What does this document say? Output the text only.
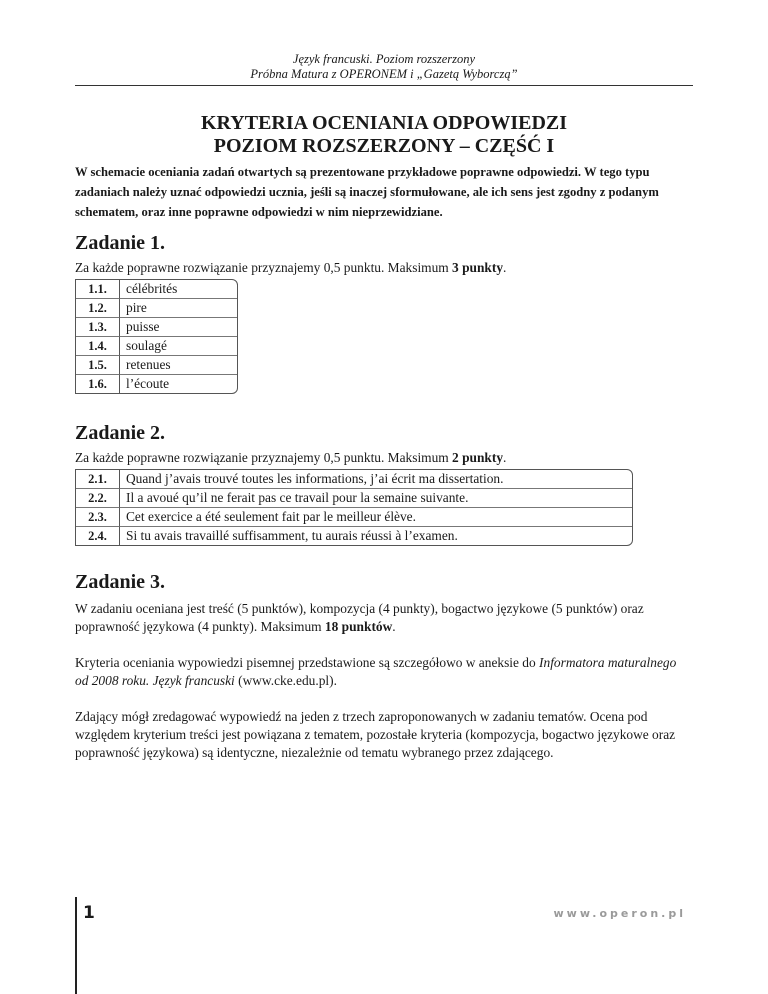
Język francuski. Poziom rozszerzony
Próbna Matura z OPERONEM i „Gazetą Wyborczą”
KRYTERIA OCENIANIA ODPOWIEDZI
POZIOM ROZSZERZONY – CZĘŚĆ I
W schemacie oceniania zadań otwartych są prezentowane przykładowe poprawne odpowiedzi. W tego typu zadaniach należy uznać odpowiedzi ucznia, jeśli są inaczej sformułowane, ale ich sens jest zgodny z podanym schematem, oraz inne poprawne odpowiedzi w nim nieprzewidziane.
Zadanie 1.

Za każde poprawne rozwiązanie przyznajemy 0,5 punktu. Maksimum 3 punkty.

1.1.	célébrités
1.2.	pire
1.3.	puisse
1.4.	soulagé
1.5.	retenues
1.6.	l’écoute
Zadanie 2.

Za każde poprawne rozwiązanie przyznajemy 0,5 punktu. Maksimum 2 punkty.

2.1.	Quand j’avais trouvé toutes les informations, j’ai écrit ma dissertation.
2.2.	Il a avoué qu’il ne ferait pas ce travail pour la semaine suivante.
2.3.	Cet exercice a été seulement fait par le meilleur élève.
2.4.	Si tu avais travaillé suffisamment, tu aurais réussi à l’examen.
Zadanie 3.

W zadaniu oceniana jest treść (5 punktów), kompozycja (4 punkty), bogactwo językowe (5 punktów) oraz poprawność językowa (4 punkty). Maksimum 18 punktów.

Kryteria oceniania wypowiedzi pisemnej przedstawione są szczegółowo w aneksie do Informatora maturalnego od 2008 roku. Język francuski (www.cke.edu.pl).

Zdający mógł zredagować wypowiedź na jeden z trzech zaproponowanych w zadaniu tematów. Ocena pod względem kryterium treści jest powiązana z tematem, pozostałe kryteria (kompozycja, bogactwo językowe oraz poprawność językowa) są identyczne, niezależnie od tematu wybranego przez zdającego.

1	www.operon.pl
